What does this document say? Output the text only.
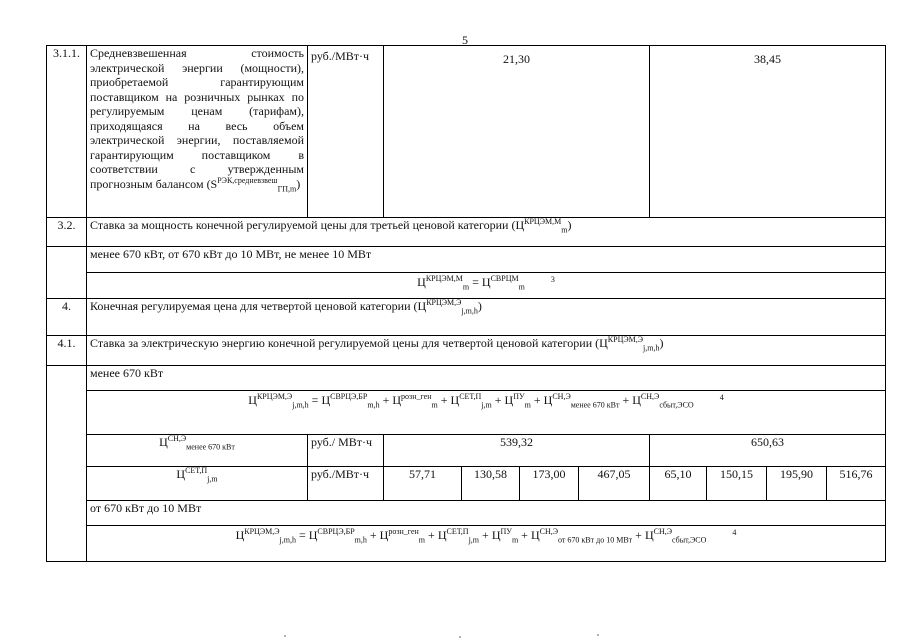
5
3.1.1.	Средневзвешенная стоимость электрической энергии (мощности), приобретаемой гарантирующим поставщиком на розничных рынках по регулируемым ценам (тарифам), приходящаяся на весь объем электрической энергии, поставляемой гарантирующим поставщиком в соответствии с утвержденным прогнозным балансом $(S^{РЭК,средневзвеш}_{ГП,m})$	руб./МВт·ч	21,30				38,45			
3.2.	Ставка за мощность конечной регулируемой цены для третьей ценовой категории $(Ц^{КРЦЭМ,М}_m)$									
	менее 670 кВт, от 670 кВт до 10 МВт, не менее 10 МВт									
	$Ц^{КРЦЭМ,М}_m = Ц^{СВРЦМ}_m^3$
4.	Конечная регулируемая цена для четвертой ценовой категории $(Ц^{КРЦЭМ,Э}_{j,m,h})$									
4.1.	Ставка за электрическую энергию конечной регулируемой цены для четвертой ценовой категории $(Ц^{КРЦЭМ,Э}_{j,m,h})$									
	менее 670 кВт									
	$Ц^{КРЦЭМ,Э}_{j,m,h} = Ц^{СВРЦЭ,БР}_{m,h} + Ц^{розн\_ген}_m + Ц^{СЕТ,П}_{j,m} + Ц^{ПУ}_m + Ц^{СН,Э}_{менее 670 кВт} + Ц^{СН,Э}_{сбыт,ЭСО}^4$
	$Ц^{СН,Э}_{менее 670 кВт}$	руб./ МВт·ч	539,32				650,63			
	$Ц^{СЕТ,П}_{j,m}$	руб./МВт·ч	57,71	130,58	173,00	467,05	65,10	150,15	195,90	516,76
	от 670 кВт до 10 МВт									
	$Ц^{КРЦЭМ,Э}_{j,m,h} = Ц^{СВРЦЭ,БР}_{m,h} + Ц^{розн\_ген}_m + Ц^{СЕТ,П}_{j,m} + Ц^{ПУ}_m + Ц^{СН,Э}_{от 670 кВт до 10 МВт} + Ц^{СН,Э}_{сбыт,ЭСО}^4$
